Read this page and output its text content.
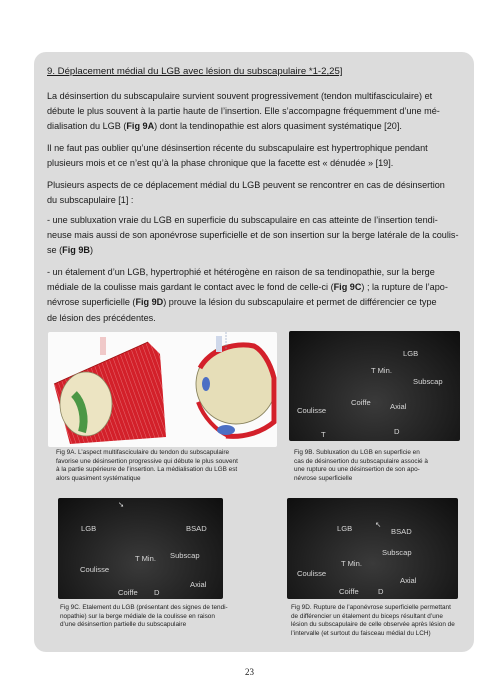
9. Déplacement médial du LGB avec lésion du subscapulaire *1-2,25]
La désinsertion du subscapulaire survient souvent progressivement (tendon multifasciculaire) et
débute le plus souvent à la partie haute de l’insertion. Elle s’accompagne fréquemment d’une mé-
dialisation du LGB (Fig 9A) dont la tendinopathie est alors quasiment systématique [20].
Il ne faut pas oublier qu’une désinsertion récente du subscapulaire est hypertrophique pendant
plusieurs mois et ce n’est qu’à la phase chronique que la facette est « dénudée » [19].
Plusieurs aspects de ce déplacement médial du LGB peuvent se rencontrer en cas de désinsertion
du subscapulaire [1] :
- une subluxation vraie du LGB en superficie du subscapulaire en cas atteinte de l’insertion tendi-
neuse mais aussi de son aponévrose superficielle et de son insertion sur la berge latérale de la coulis-
se (Fig 9B)
- un étalement d’un LGB, hypertrophié et hétérogène en raison de sa tendinopathie, sur la berge
médiale de la coulisse mais gardant le contact avec le fond de celle-ci (Fig 9C) ; la rupture de l’apo-
névrose superficielle (Fig 9D) prouve la lésion du subscapulaire et permet de différencier ce type
de lésion des précédentes.
LGB
T Min.
Subscap
Coiffe	Axial
Coulisse
T	D
Fig 9A. L’aspect multifasciculaire du tendon du subscapulaire
favorise une désinsertion progressive qui débute le plus souvent
à la partie supérieure de l’insertion. La médialisation du LGB est
alors quasiment systématique
Fig 9B. Subluxation du LGB en superficie en
cas de désinsertion du subscapulaire associé à
une rupture ou une désinsertion de son apo-
névrose superficielle
➘
LGB	BSAD
T Min. Subscap
Coulisse
Axial
Coiffe D
LGB	↖
BSAD
Subscap
T Min.
Coulisse
Axial
Coiffe	D
Fig 9C. Etalement du LGB (présentant des signes de tendi-
nopathie) sur la berge médiale de la coulisse en raison
d’une désinsertion partielle du subscapulaire
Fig 9D. Rupture de l’aponévrose superficielle permettant
de différencier un étalement du biceps résultant d’une
lésion du subscapulaire de celle observée après lésion de
l’intervalle (et surtout du faisceau médial du LCH)
23
